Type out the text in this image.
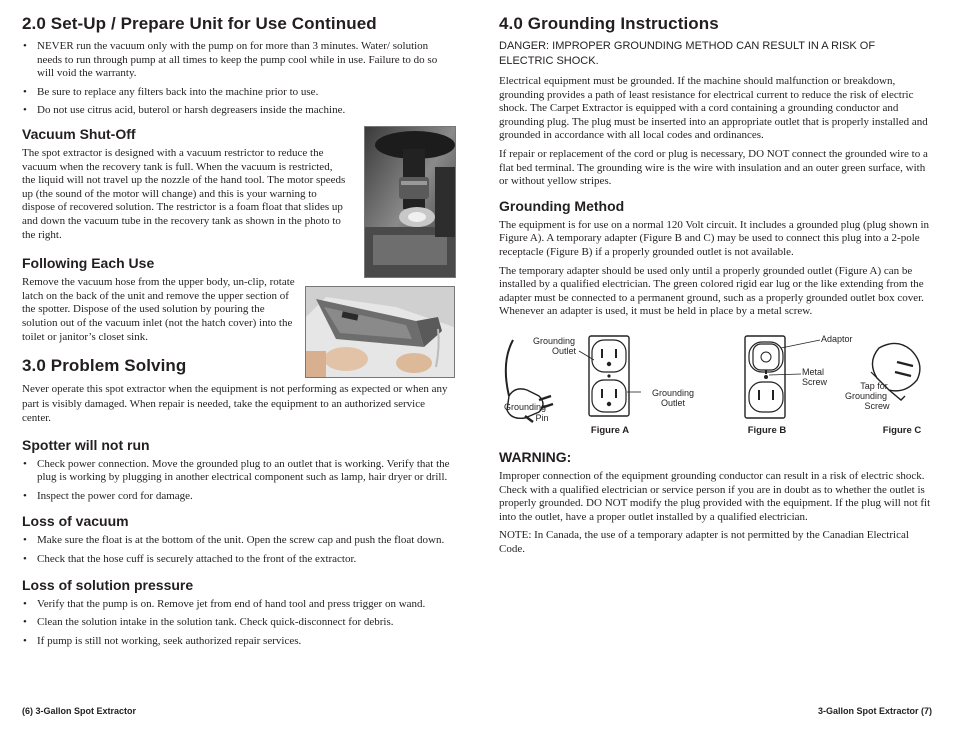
2.0 Set-Up / Prepare Unit for Use Continued
• NEVER run the vacuum only with the pump on for more than 3 minutes. Water/ solution needs to run through pump at all times to keep the pump cool while in use. Failure to do so will void the warranty.
• Be sure to replace any filters back into the machine prior to use.
• Do not use citrus acid, buterol or harsh degreasers inside the machine.
Vacuum Shut-Off

The spot extractor is designed with a vacuum restrictor to reduce the vacuum when the recovery tank is full. When the vacuum is restricted, the liquid will not travel up the nozzle of the hand tool. The motor speeds up (the sound of the motor will change) and this is your warning to dispose of recovered solution. The restrictor is a foam float that slides up and down the vacuum tube in the recovery tank as shown in the photo to the right.

Following Each Use

Remove the vacuum hose from the upper body, un-clip, rotate latch on the back of the unit and remove the upper section of the spotter. Dispose of the used solution by pouring the solution out of the vacuum inlet (not the hatch cover) into the toilet or janitor’s closet sink.

3.0 Problem Solving

Never operate this spot extractor when the equipment is not performing as expected or when any part is visibly damaged. When repair is needed, take the equipment to an authorized service center.

Spotter will not run
• Check power connection. Move the grounded plug to an outlet that is working. Verify that the plug is working by plugging in another electrical component such as lamp, hair dryer or drill.
• Inspect the power cord for damage.
Loss of vacuum
• Make sure the float is at the bottom of the unit. Open the screw cap and push the float down.
• Check that the hose cuff is securely attached to the front of the extractor.
Loss of solution pressure
• Verify that the pump is on. Remove jet from end of hand tool and press trigger on wand.
• Clean the solution intake in the solution tank. Check quick-disconnect for debris.
• If pump is still not working, seek authorized repair services.
4.0 Grounding Instructions

DANGER: IMPROPER GROUNDING METHOD CAN RESULT IN A RISK OF ELECTRIC SHOCK.

Electrical equipment must be grounded. If the machine should malfunction or breakdown, grounding provides a path of least resistance for electrical current to reduce the risk of electric shock. The Carpet Extractor is equipped with a cord containing a grounding conductor and grounding plug. The plug must be inserted into an appropriate outlet that is properly installed and grounded in accordance with all local codes and ordinances.

If repair or replacement of the cord or plug is necessary, DO NOT connect the grounded wire to a flat bed terminal. The grounding wire is the wire with insulation and an outer green surface, with or without yellow stripes.

Grounding Method

The equipment is for use on a normal 120 Volt circuit. It includes a grounded plug (plug shown in Figure A). A temporary adapter (Figure B and C) may be used to connect this plug into a 2-pole receptacle (Figure B) if a properly grounded outlet is not available.

The temporary adapter should be used only until a properly grounded outlet (Figure A) can be installed by a qualified electrician. The green colored rigid ear lug or the like extending from the adapter must be connected to a permanent ground, such as a properly grounded outlet box cover. Whenever an adapter is used, it must be held in place by a metal screw.

Grounding
Outlet
Grounding
Pin
Figure A
Grounding
Outlet
Adaptor
Metal
Screw
Figure B
Tap for
Grounding
Screw
Figure C
WARNING:

Improper connection of the equipment grounding conductor can result in a risk of electric shock. Check with a qualified electrician or service person if you are in doubt as to whether the outlet is properly grounded. DO NOT modify the plug provided with the equipment. If the plug will not fit into the outlet, have a proper outlet installed by a qualified electrician.

NOTE: In Canada, the use of a temporary adapter is not permitted by the Canadian Electrical Code.

(6) 3-Gallon Spot Extractor	3-Gallon Spot Extractor (7)
